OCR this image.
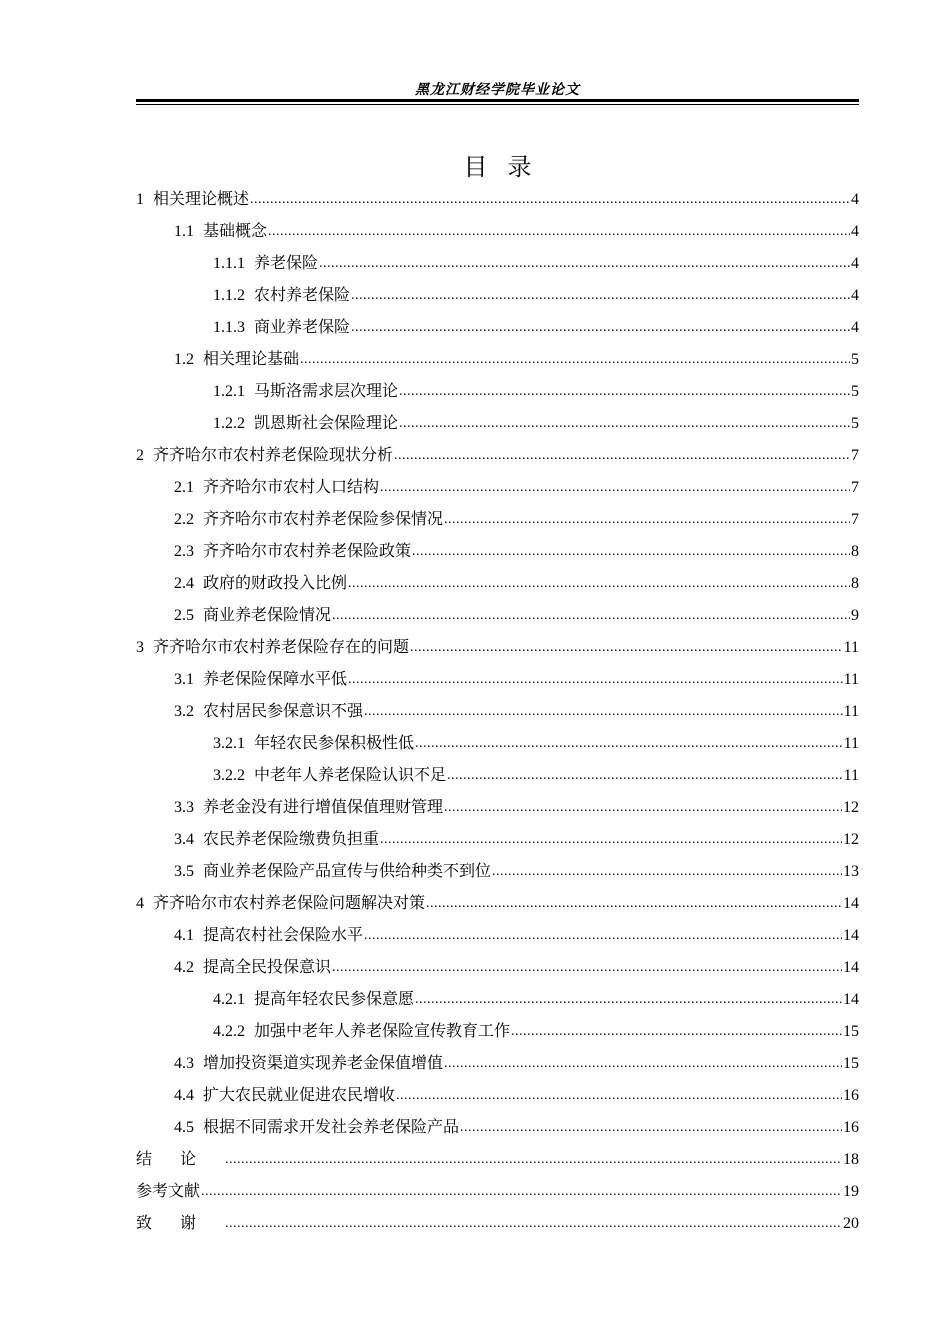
黑龙江财经学院毕业论文
目录
1 相关理论概述 .....	4
1.1 基础概念 .....	4
1.1.1 养老保险 .....	4
1.1.2 农村养老保险 .....	4
1.1.3 商业养老保险 .....	4
1.2 相关理论基础 .....	5
1.2.1 马斯洛需求层次理论 .....	5
1.2.2 凯恩斯社会保险理论 .....	5
2 齐齐哈尔市农村养老保险现状分析 .....	7
2.1 齐齐哈尔市农村人口结构 .....	7
2.2 齐齐哈尔市农村养老保险参保情况 .....	7
2.3 齐齐哈尔市农村养老保险政策 .....	8
2.4 政府的财政投入比例 .....	8
2.5 商业养老保险情况 .....	9
3 齐齐哈尔市农村养老保险存在的问题 .....	11
3.1 养老保险保障水平低 .....	11
3.2 农村居民参保意识不强 .....	11
3.2.1 年轻农民参保积极性低 .....	11
3.2.2 中老年人养老保险认识不足 .....	11
3.3 养老金没有进行增值保值理财管理 .....	12
3.4 农民养老保险缴费负担重 .....	12
3.5 商业养老保险产品宣传与供给种类不到位 .....	13
4 齐齐哈尔市农村养老保险问题解决对策 .....	14
4.1 提高农村社会保险水平 .....	14
4.2 提高全民投保意识 .....	14
4.2.1 提高年轻农民参保意愿 .....	14
4.2.2 加强中老年人养老保险宣传教育工作 .....	15
4.3 增加投资渠道实现养老金保值增值 .....	15
4.4 扩大农民就业促进农民增收 .....	16
4.5 根据不同需求开发社会养老保险产品 .....	16
结论 .....	18
参考文献 .....	19
致谢 .....	20
